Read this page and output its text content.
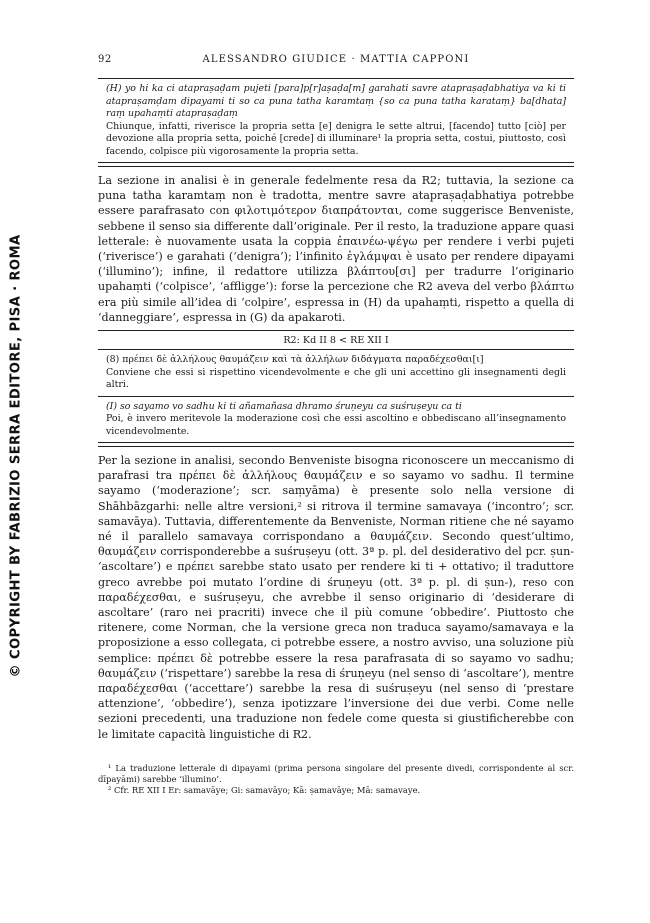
© COPYRIGHT BY FABRIZIO SERRA EDITORE, PISA · ROMA
92	ALESSANDRO GIUDICE · MATTIA CAPPONI
(H) yo hi ka ci atapraṣaḍam pujeti [para]p[r]aṣaḍa[m] garahati savre atapraṣaḍabhatiya va ki ti atapraṣamḍam dipayami ti so ca puna tatha karamtaṃ {so ca puna tatha karataṃ} ba[dhata] raṃ upahaṃti atapraṣaḍaṃ
Chiunque, infatti, riverisce la propria setta [e] denigra le sette altrui, [facendo] tutto [ciò] per devozione alla propria setta, poiché [crede] di illuminare¹ la propria setta, costui, piuttosto, così facendo, colpisce più vigorosamente la propria setta.

La sezione in analisi è in generale fedelmente resa da R2; tuttavia, la sezione ca puna tatha karamtaṃ non è tradotta, mentre savre atapraṣaḍabhatiya potrebbe essere parafrasato con φιλοτιμότερον διαπράτονται, come suggerisce Benveniste, sebbene il senso sia differente dall’originale. Per il resto, la traduzione appare quasi letterale: è nuovamente usata la coppia ἐπαινέω-ψέγω per rendere i verbi pujeti (‘riverisce’) e garahati (‘denigra’); l’infinito ἐγλάμψαι è usato per rendere dipayami (‘illumino’); infine, il redattore utilizza βλάπτου[σι] per tradurre l’originario upahaṃti (‘colpisce’, ‘affligge’): forse la percezione che R2 aveva del verbo βλάπτω era più simile all’idea di ‘colpire’, espressa in (H) da upahaṃti, rispetto a quella di ‘danneggiare’, espressa in (G) da apakaroti.

R2: Kd II 8 < RE XII I
(8) πρέπει δὲ ἀλλήλους θαυμάζειν καὶ τὰ ἀλλήλων διδάγματα παραδέχεσθαι[ι]
Conviene che essi si rispettino vicendevolmente e che gli uni accettino gli insegnamenti degli altri.
(I) so sayamo vo sadhu ki ti añamañasa dhramo śruṇeyu ca suśruṣeyu ca ti
Poi, è invero meritevole la moderazione così che essi ascoltino e obbediscano all’insegnamento vicendevolmente.

Per la sezione in analisi, secondo Benveniste bisogna riconoscere un meccanismo di parafrasi tra πρέπει δὲ ἀλλήλους θαυμάζειν e so sayamo vo sadhu. Il termine sayamo (‘moderazione’; scr. saṃyāma) è presente solo nella versione di Shāhbāzgarhi: nelle altre versioni,² si ritrova il termine samavaya (‘incontro’; scr. samavāya). Tuttavia, differentemente da Benveniste, Norman ritiene che né sayamo né il parallelo samavaya corrispondano a θαυμάζειν. Secondo quest’ultimo, θαυμάζειν corrisponderebbe a suśruṣeyu (ott. 3ª p. pl. del desiderativo del pcr. ṣun- ‘ascoltare’) e πρέπει sarebbe stato usato per rendere ki ti + ottativo; il traduttore greco avrebbe poi mutato l’ordine di śruṇeyu (ott. 3ª p. pl. di ṣun-), reso con παραδέχεσθαι, e suśruṣeyu, che avrebbe il senso originario di ‘desiderare di ascoltare’ (raro nei pracriti) invece che il più comune ‘obbedire’. Piuttosto che ritenere, come Norman, che la versione greca non traduca sayamo/samavaya e la proposizione a esso collegata, ci potrebbe essere, a nostro avviso, una soluzione più semplice: πρέπει δὲ potrebbe essere la resa parafrasata di so sayamo vo sadhu; θαυμάζειν (‘rispettare’) sarebbe la resa di śruṇeyu (nel senso di ‘ascoltare’), mentre παραδέχεσθαι (‘accettare’) sarebbe la resa di suśruṣeyu (nel senso di ‘prestare attenzione’, ‘obbedire’), senza ipotizzare l’inversione dei due verbi. Come nelle sezioni precedenti, una traduzione non fedele come questa si giustificherebbe con le limitate capacità linguistiche di R2.

¹ La traduzione letterale di dipayami (prima persona singolare del presente divedi, corrispondente al scr. dīpayāmi) sarebbe ‘illumino’.

² Cfr. RE XII I Er: samavāye; Gi: samavāyo; Kā: ṣamavāye; Mā: samavaye.
